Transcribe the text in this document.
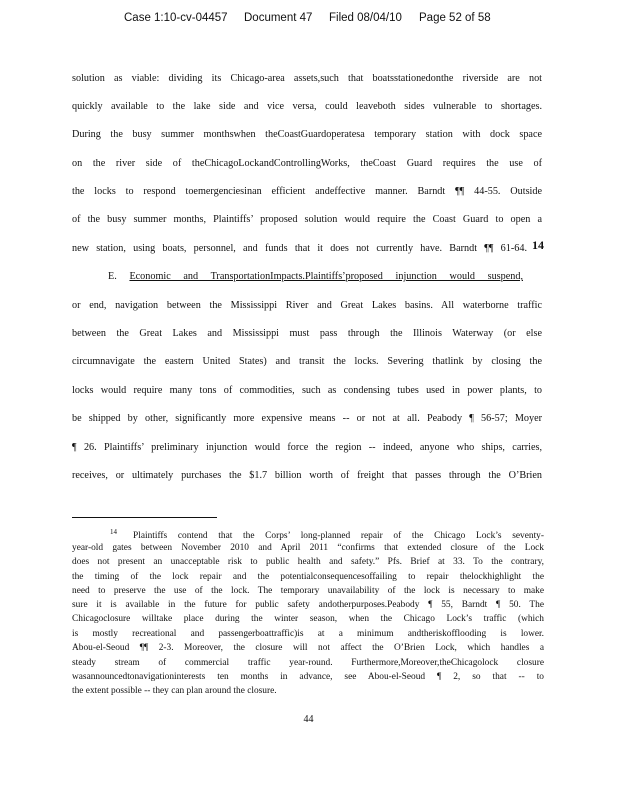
Case 1:10-cv-04457 Document 47 Filed 08/04/10 Page 52 of 58
solution as viable: dividing its Chicago-area assets,such that boatsstationedonthe riverside are not
quickly available to the lake side and vice versa, could leaveboth sides vulnerable to shortages.
During the busy summer monthswhen theCoastGuardoperatesa temporary station with dock space
on the river side of theChicagoLockandControllingWorks, theCoast Guard requires the use of
the locks to respond toemergenciesinan efficient andeffective manner. Barndt ¶¶ 44-55. Outside
of the busy summer months, Plaintiffs’ proposed solution would require the Coast Guard to open a
new station, using boats, personnel, and funds that it does not currently have. Barndt ¶¶ 61-64. 14
E. Economic and TransportationImpacts.Plaintiffs’proposed injunction would suspend,
or end, navigation between the Mississippi River and Great Lakes basins. All waterborne traffic
between the Great Lakes and Mississippi must pass through the Illinois Waterway (or else
circumnavigate the eastern United States) and transit the locks. Severing thatlink by closing the
locks would require many tons of commodities, such as condensing tubes used in power plants, to
be shipped by other, significantly more expensive means -- or not at all. Peabody ¶ 56-57; Moyer
¶ 26. Plaintiffs’ preliminary injunction would force the region -- indeed, anyone who ships, carries,
receives, or ultimately purchases the $1.7 billion worth of freight that passes through the O’Brien
$^{14}$ Plaintiffs contend that the Corps’ long-planned repair of the Chicago Lock’s seventy-
year-old gates between November 2010 and April 2011 “confirms that extended closure of the Lock
does not present an unacceptable risk to public health and safety.” Pfs. Brief at 33. To the contrary,
the timing of the lock repair and the potentialconsequencesoffailing to repair thelockhighlight the
need to preserve the use of the lock. The temporary unavailability of the lock is necessary to make
sure it is available in the future for public safety andotherpurposes.Peabody ¶ 55, Barndt ¶ 50. The
Chicagoclosure willtake place during the winter season, when the Chicago Lock’s traffic (which
is mostly recreational and passengerboattraffic)is at a minimum andtheriskofflooding is lower.
Abou-el-Seoud ¶¶ 2-3. Moreover, the closure will not affect the O’Brien Lock, which handles a
steady stream of commercial traffic year-round. Furthermore,Moreover,theChicagolock closure
wasannouncedtonavigationinterests ten months in advance, see Abou-el-Seoud ¶ 2, so that -- to
the extent possible -- they can plan around the closure.
44
